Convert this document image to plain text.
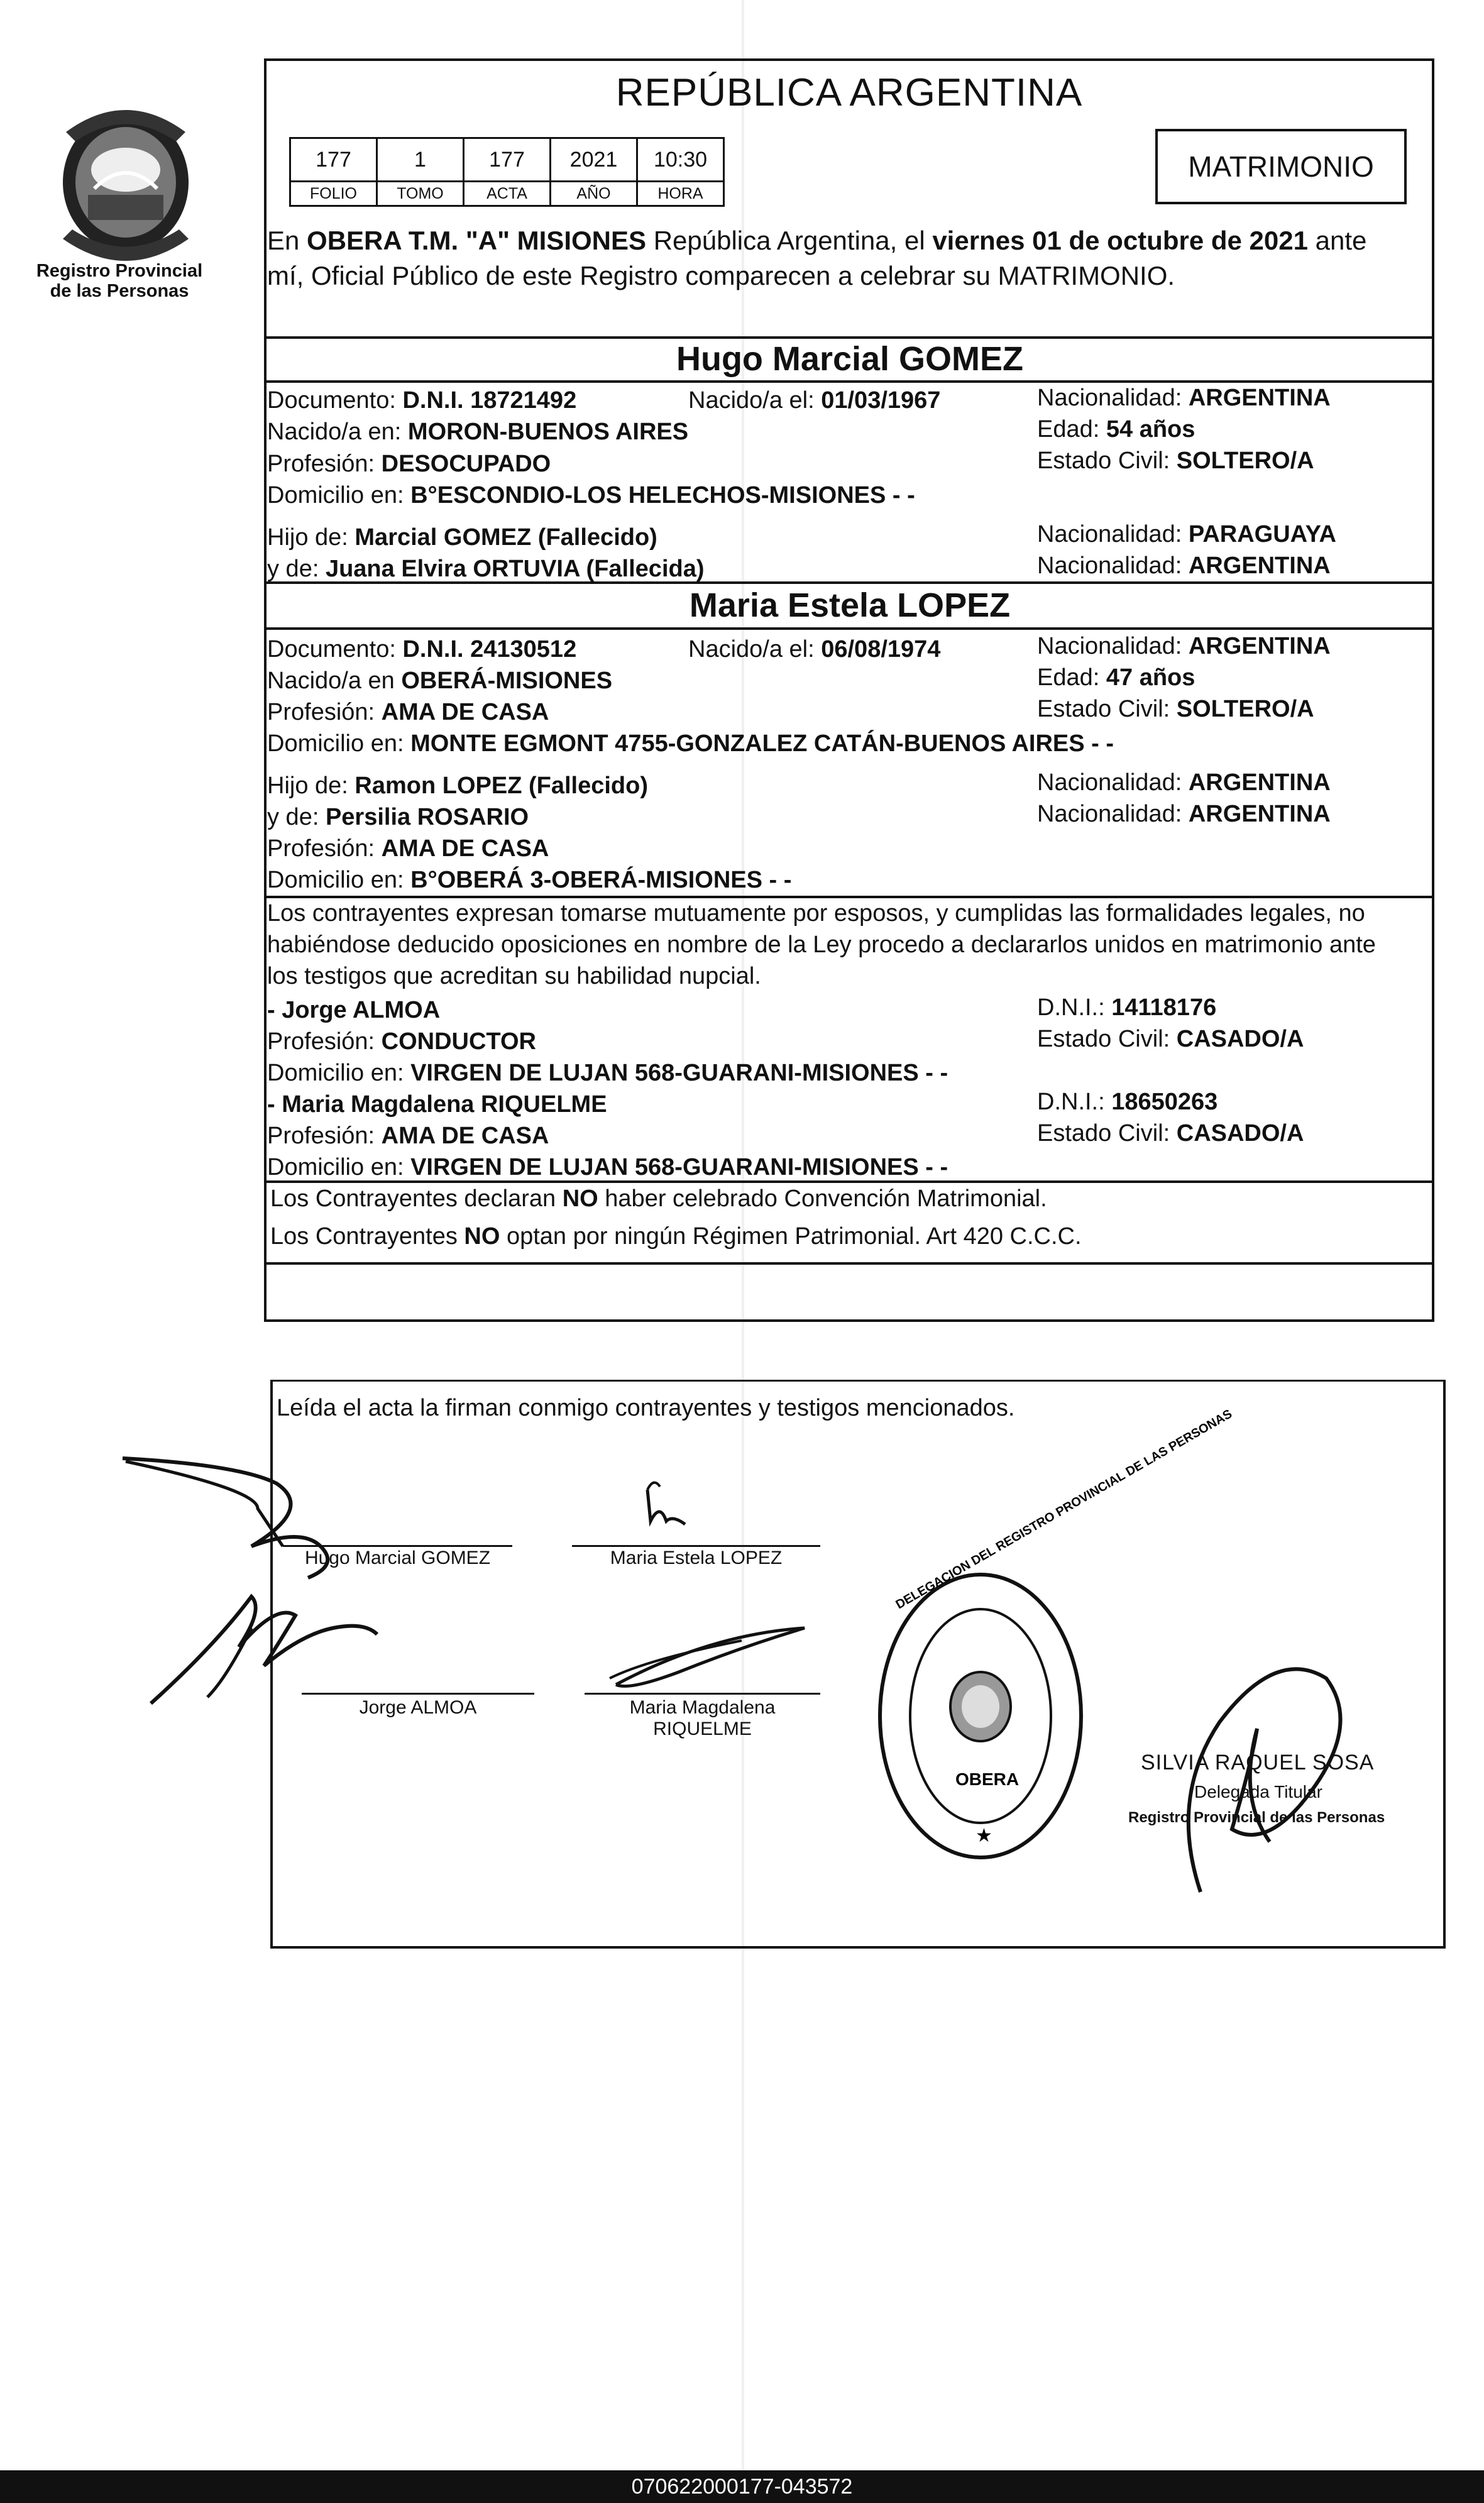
Registro Provincial
de las Personas
REPÚBLICA ARGENTINA
177	1	177	2021	10:30
FOLIO	TOMO	ACTA	AÑO	HORA
MATRIMONIO
En OBERA T.M. "A" MISIONES República Argentina, el viernes 01 de octubre de 2021 ante
mí, Oficial Público de este Registro comparecen a celebrar su MATRIMONIO.
Hugo Marcial GOMEZ
Documento: D.N.I. 18721492	Nacido/a el: 01/03/1967	Nacionalidad: ARGENTINA
Nacido/a en: MORON-BUENOS AIRES	Edad: 54 años
Profesión: DESOCUPADO	Estado Civil: SOLTERO/A
Domicilio en: B°ESCONDIO-LOS HELECHOS-MISIONES - -
Hijo de: Marcial GOMEZ (Fallecido)	Nacionalidad: PARAGUAYA
y de: Juana Elvira ORTUVIA (Fallecida)	Nacionalidad: ARGENTINA
Maria Estela LOPEZ
Documento: D.N.I. 24130512	Nacido/a el: 06/08/1974	Nacionalidad: ARGENTINA
Nacido/a en OBERÁ-MISIONES	Edad: 47 años
Profesión: AMA DE CASA	Estado Civil: SOLTERO/A
Domicilio en: MONTE EGMONT 4755-GONZALEZ CATÁN-BUENOS AIRES - -
Hijo de: Ramon LOPEZ (Fallecido)	Nacionalidad: ARGENTINA
y de: Persilia ROSARIO	Nacionalidad: ARGENTINA
Profesión: AMA DE CASA
Domicilio en: B°OBERÁ 3-OBERÁ-MISIONES - -
Los contrayentes expresan tomarse mutuamente por esposos, y cumplidas las formalidades legales, no
habiéndose deducido oposiciones en nombre de la Ley procedo a declararlos unidos en matrimonio ante
los testigos que acreditan su habilidad nupcial.
- Jorge ALMOA	D.N.I.: 14118176
Profesión: CONDUCTOR	Estado Civil: CASADO/A
Domicilio en: VIRGEN DE LUJAN 568-GUARANI-MISIONES - -
- Maria Magdalena RIQUELME	D.N.I.: 18650263
Profesión: AMA DE CASA	Estado Civil: CASADO/A
Domicilio en: VIRGEN DE LUJAN 568-GUARANI-MISIONES - -
Los Contrayentes declaran NO haber celebrado Convención Matrimonial.
Los Contrayentes NO optan por ningún Régimen Patrimonial. Art 420 C.C.C.
Leída el acta la firman conmigo contrayentes y testigos mencionados.
Hugo Marcial GOMEZ	Maria Estela LOPEZ
Jorge ALMOA	Maria Magdalena
RIQUELME
OBERA
★
DELEGACION DEL REGISTRO PROVINCIAL DE LAS PERSONAS
SILVIA RAQUEL SOSA
Delegada Titular
Registro Provincial de las Personas
070622000177-043572
